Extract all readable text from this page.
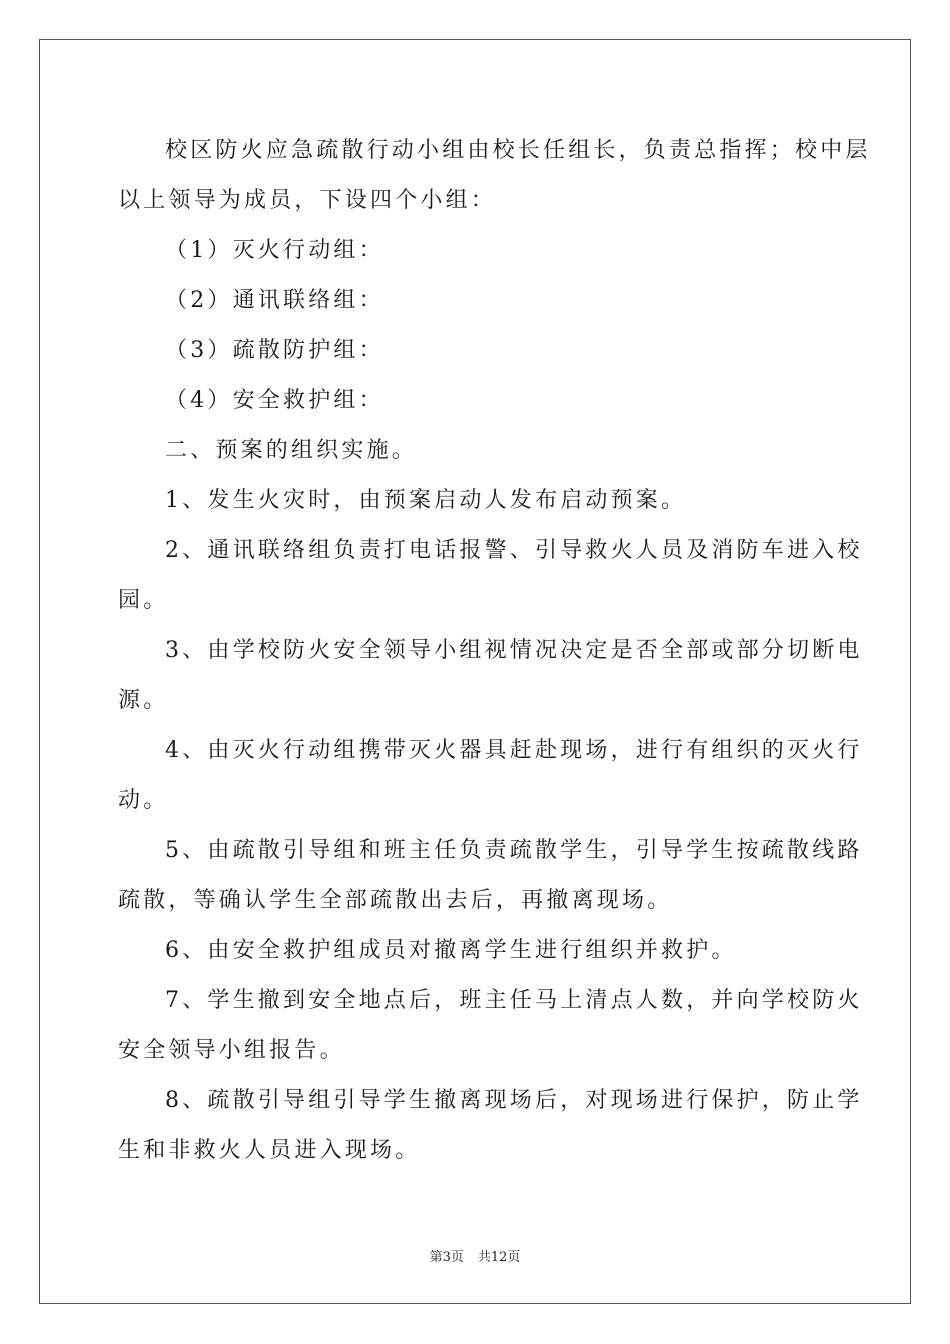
校区防火应急疏散行动小组由校长任组长，负责总指挥；校中层
以上领导为成员，下设四个小组：
（1）灭火行动组：
（2）通讯联络组：
（3）疏散防护组：
（4）安全救护组：
二、预案的组织实施。
1、发生火灾时，由预案启动人发布启动预案。
2、通讯联络组负责打电话报警、引导救火人员及消防车进入校
园。
3、由学校防火安全领导小组视情况决定是否全部或部分切断电
源。
4、由灭火行动组携带灭火器具赶赴现场，进行有组织的灭火行
动。
5、由疏散引导组和班主任负责疏散学生，引导学生按疏散线路
疏散，等确认学生全部疏散出去后，再撤离现场。
6、由安全救护组成员对撤离学生进行组织并救护。
7、学生撤到安全地点后，班主任马上清点人数，并向学校防火
安全领导小组报告。
8、疏散引导组引导学生撤离现场后，对现场进行保护，防止学
生和非救火人员进入现场。
第3页 共12页
